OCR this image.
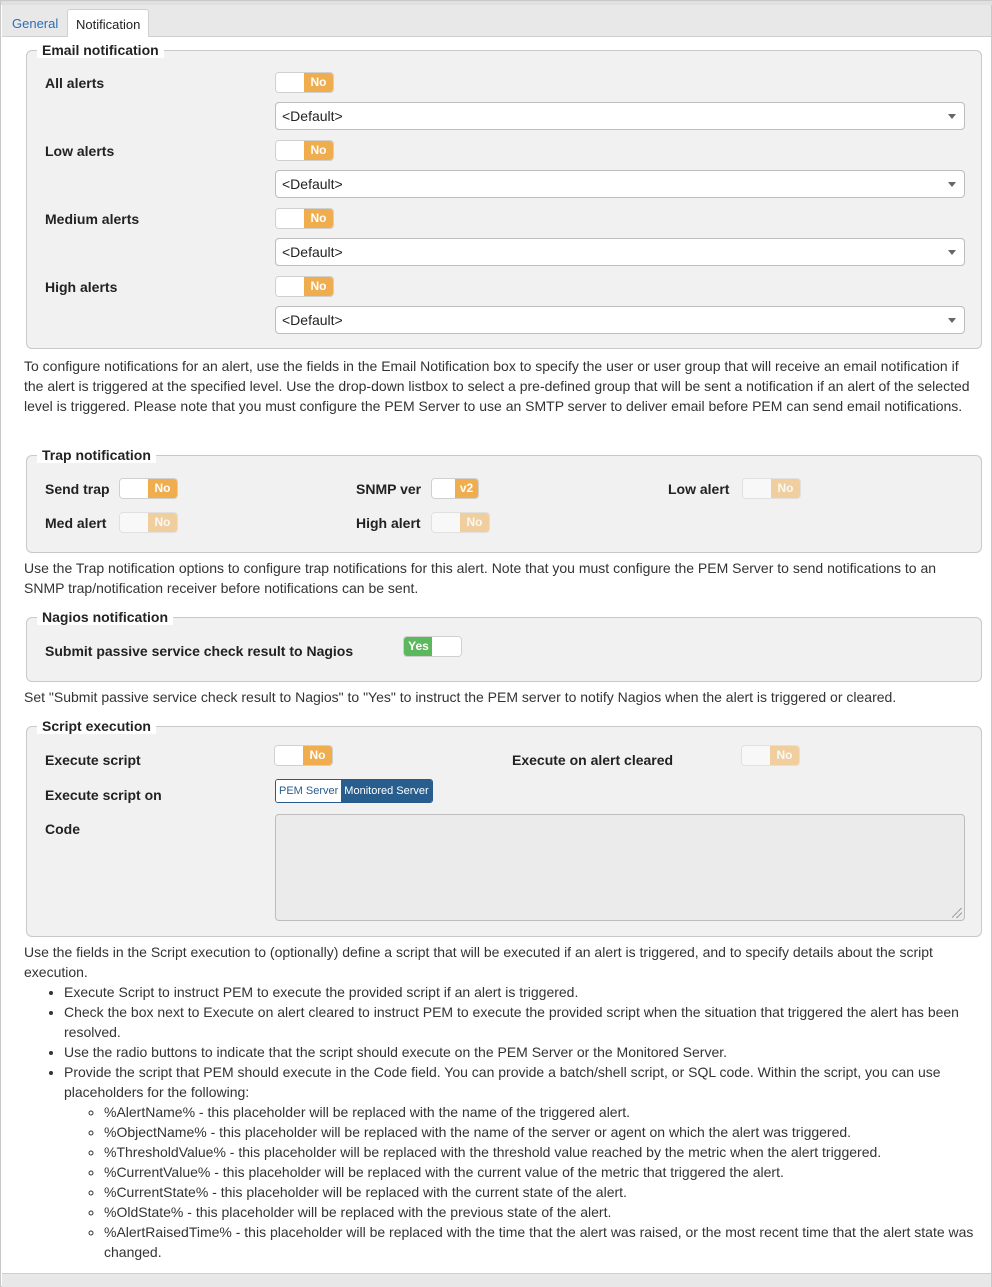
General	Notification
Email notification
All alerts	No
<Default>
Low alerts	No
<Default>
Medium alerts	No
<Default>
High alerts	No
<Default>
To configure notifications for an alert, use the fields in the Email Notification box to specify the user or user group that will receive an email notification if the alert is triggered at the specified level. Use the drop-down listbox to select a pre-defined group that will be sent a notification if an alert of the selected level is triggered. Please note that you must configure the PEM Server to use an SMTP server to deliver email before PEM can send email notifications.
Trap notification
Send trap	No	SNMP ver	v2	Low alert	No
Med alert	No	High alert	No
Use the Trap notification options to configure trap notifications for this alert. Note that you must configure the PEM Server to send notifications to an SNMP trap/notification receiver before notifications can be sent.
Nagios notification
Submit passive service check result to Nagios	Yes
Set "Submit passive service check result to Nagios" to "Yes" to instruct the PEM server to notify Nagios when the alert is triggered or cleared.
Script execution
Execute script	No	Execute on alert cleared	No
Execute script on	PEM Server Monitored Server
Code
Use the fields in the Script execution to (optionally) define a script that will be executed if an alert is triggered, and to specify details about the script execution.
• Execute Script to instruct PEM to execute the provided script if an alert is triggered.
• Check the box next to Execute on alert cleared to instruct PEM to execute the provided script when the situation that triggered the alert has been resolved.
• Use the radio buttons to indicate that the script should execute on the PEM Server or the Monitored Server.
• Provide the script that PEM should execute in the Code field. You can provide a batch/shell script, or SQL code. Within the script, you can use placeholders for the following:
◦ %AlertName% - this placeholder will be replaced with the name of the triggered alert.
◦ %ObjectName% - this placeholder will be replaced with the name of the server or agent on which the alert was triggered.
◦ %ThresholdValue% - this placeholder will be replaced with the threshold value reached by the metric when the alert triggered.
◦ %CurrentValue% - this placeholder will be replaced with the current value of the metric that triggered the alert.
◦ %CurrentState% - this placeholder will be replaced with the current state of the alert.
◦ %OldState% - this placeholder will be replaced with the previous state of the alert.
◦ %AlertRaisedTime% - this placeholder will be replaced with the time that the alert was raised, or the most recent time that the alert state was changed.
